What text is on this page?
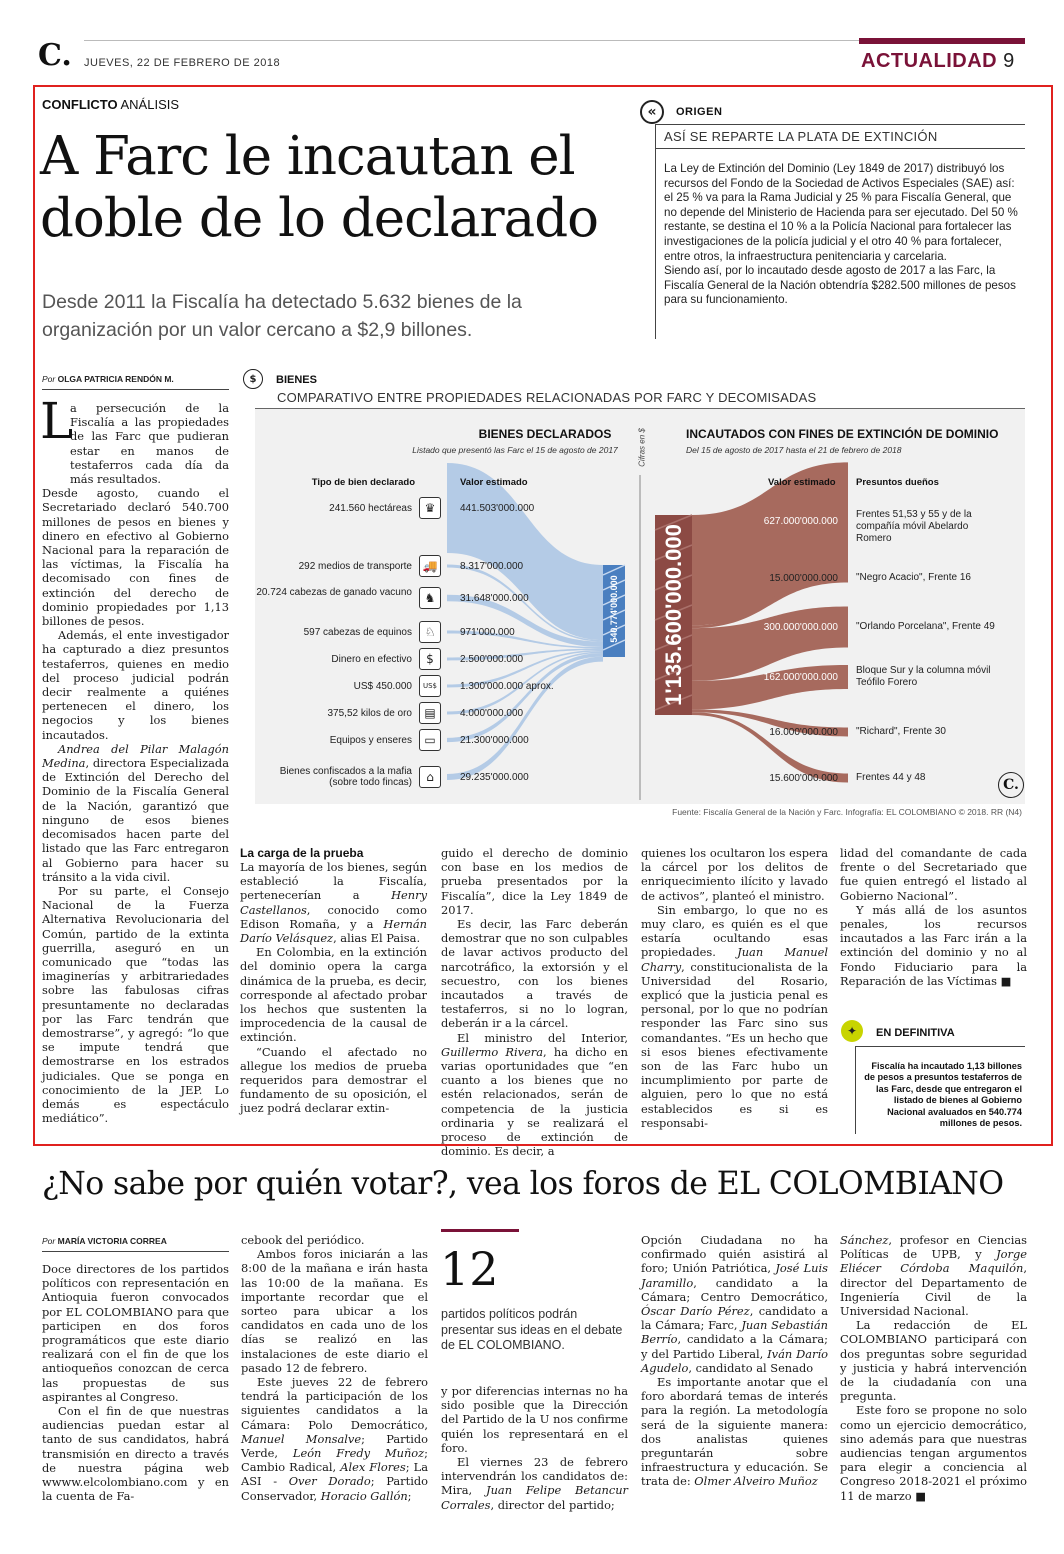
C. JUEVES, 22 DE FEBRERO DE 2018	ACTUALIDAD 9
CONFLICTO ANÁLISIS
A Farc le incautan el
doble de lo declarado
Desde 2011 la Fiscalía ha detectado 5.632 bienes de la organización por un valor cercano a $2,9 billones.
«	ORIGEN
ASÍ SE REPARTE LA PLATA DE EXTINCIÓN
La Ley de Extinción del Dominio (Ley 1849 de 2017) distribuyó los recursos del Fondo de la Sociedad de Activos Especiales (SAE) así: el 25 % va para la Rama Judicial y 25 % para Fiscalía General, que no depende del Ministerio de Hacienda para ser ejecutado. Del 50 % restante, se destina el 10 % a la Policía Nacional para fortalecer las investigaciones de la policía judicial y el otro 40 % para fortalecer, entre otros, la infraestructura penitenciaria y carcelaria.
Siendo así, por lo incautado desde agosto de 2017 a las Farc, la Fiscalía General de la Nación obtendría $282.500 millones de pesos para su funcionamiento.
Por OLGA PATRICIA RENDÓN M.
L

a persecución de la Fiscalía a las propiedades de las Farc que pudieran estar en manos de testaferros cada día da más resultados.

Desde agosto, cuando el Secretariado declaró 540.700 millones de pesos en bienes y dinero en efectivo al Gobierno Nacional para la reparación de las víctimas, la Fiscalía ha decomisado con fines de extinción del derecho de dominio propiedades por 1,13 billones de pesos.

Además, el ente investigador ha capturado a diez presuntos testaferros, quienes en medio del proceso judicial podrán decir realmente a quiénes pertenecen el dinero, los negocios y los bienes incautados.

Andrea del Pilar Malagón Medina, directora Especializada de Extinción del Derecho del Dominio de la Fiscalía General de la Nación, garantizó que ninguno de esos bienes decomisados hacen parte del listado que las Farc entregaron al Gobierno para hacer su tránsito a la vida civil.

Por su parte, el Consejo Nacional de la Fuerza Alternativa Revolucionaria del Común, partido de la extinta guerrilla, aseguró en un comunicado que “todas las imaginerías y arbitrariedades sobre las fabulosas cifras presuntamente no declaradas por las Farc tendrán que demostrarse”, y agregó: “lo que se impute tendrá que demostrarse en los estrados judiciales. Que se ponga en conocimiento de la JEP. Lo demás es espectáculo mediático”.

$	BIENES
COMPARATIVO ENTRE PROPIEDADES RELACIONADAS POR FARC Y DECOMISADAS
540.774'000.000 1'135.600'000.000
Cifras en $
BIENES DECLARADOS
Listado que presentó las Farc el 15 de agosto de 2017
Tipo de bien declarado	Valor estimado
INCAUTADOS CON FINES DE EXTINCIÓN DE DOMINIO
Del 15 de agosto de 2017 hasta el 21 de febrero de 2018
Valor estimado Presuntos dueños
241.560 hectáreas	♛	441.503'000.000
292 medios de transporte 🚚	8.317'000.000
20.724 cabezas de ganado vacuno	♞	31.648'000.000
597 cabezas de equinos	♘	971'000.000
Dinero en efectivo	$	2.500'000.000
US$ 450.000	US$	1.300'000.000 aprox.
375,52 kilos de oro	▤	4.000'000.000
Equipos y enseres	▭	21.300'000.000
Bienes confiscados a la mafia (sobre todo fincas)	⌂	29.235'000.000
627.000'000.000
Frentes 51,53 y 55 y de la compañía móvil Abelardo Romero
15.000'000.000 "Negro Acacio", Frente 16
300.000'000.000 "Orlando Porcelana", Frente 49
162.000'000.000
Bloque Sur y la columna móvil Teófilo Forero
16.000'000.000 "Richard", Frente 30
15.600'000.000 Frentes 44 y 48	C.
Fuente: Fiscalía General de la Nación y Farc. Infografía: EL COLOMBIANO © 2018. RR (N4)
La carga de la prueba

La mayoría de los bienes, según estableció la Fiscalía, pertenecerían a Henry Castellanos, conocido como Edison Romaña, y a Hernán Darío Velásquez, alias El Paisa.

En Colombia, en la extinción del dominio opera la carga dinámica de la prueba, es decir, corresponde al afectado probar los hechos que sustenten la improcedencia de la causal de extinción.

“Cuando el afectado no allegue los medios de prueba requeridos para demostrar el fundamento de su oposición, el juez podrá declarar extin-

guido el derecho de dominio con base en los medios de prueba presentados por la Fiscalía”, dice la Ley 1849 de 2017.

Es decir, las Farc deberán demostrar que no son culpables de lavar activos producto del narcotráfico, la extorsión y el secuestro, con los bienes incautados a través de testaferros, si no lo logran, deberán ir a la cárcel.

El ministro del Interior, Guillermo Rivera, ha dicho en varias oportunidades que “en cuanto a los bienes que no estén relacionados, serán de competencia de la justicia ordinaria y se realizará el proceso de extinción de dominio. Es decir, a

quienes los ocultaron los espera la cárcel por los delitos de enriquecimiento ilícito y lavado de activos”, planteó el ministro.

Sin embargo, lo que no es muy claro, es quién es el que estaría ocultando esas propiedades. Juan Manuel Charry, constitucionalista de la Universidad del Rosario, explicó que la justicia penal es personal, por lo que no podrían responder las Farc sino sus comandantes. “Es un hecho que si esos bienes efectivamente son de las Farc hubo un incumplimiento por parte de alguien, pero lo que no está establecidos es si es responsabi-

lidad del comandante de cada frente o del Secretariado que fue quien entregó el listado al Gobierno Nacional”.

Y más allá de los asuntos penales, los recursos incautados a las Farc irán a la extinción del dominio y no al Fondo Fiduciario para la Reparación de las Víctimas ■

✦	EN DEFINITIVA
Fiscalía ha incautado 1,13 billones de pesos a presuntos testaferros de las Farc, desde que entregaron el listado de bienes al Gobierno Nacional avaluados en 540.774 millones de pesos.
¿No sabe por quién votar?, vea los foros de EL COLOMBIANO
Por MARÍA VICTORIA CORREA

Doce directores de los partidos políticos con representación en Antioquia fueron convocados por EL COLOMBIANO para que participen en dos foros programáticos que este diario realizará con el fin de que los antioqueños conozcan de cerca las propuestas de sus aspirantes al Congreso.

Con el fin de que nuestras audiencias puedan estar al tanto de sus candidatos, habrá transmisión en directo a través de nuestra página web wwww.elcolombiano.com y en la cuenta de Fa-

cebook del periódico.

Ambos foros iniciarán a las 8:00 de la mañana e irán hasta las 10:00 de la mañana. Es importante recordar que el sorteo para ubicar a los candidatos en cada uno de los días se realizó en las instalaciones de este diario el pasado 12 de febrero.

Este jueves 22 de febrero tendrá la participación de los siguientes candidatos a la Cámara: Polo Democrático, Manuel Monsalve; Partido Verde, León Fredy Muñoz; Cambio Radical, Alex Flores; La ASI - Over Dorado; Partido Conservador, Horacio Gallón;

12
partidos políticos podrán presentar sus ideas en el debate de EL COLOMBIANO.

y por diferencias internas no ha sido posible que la Dirección del Partido de la U nos confirme quién los representará en el foro.

El viernes 23 de febrero intervendrán los candidatos de: Mira, Juan Felipe Betancur Corrales, director del partido;

Opción Ciudadana no ha confirmado quién asistirá al foro; Unión Patriótica, José Luis Jaramillo, candidato a la Cámara; Centro Democrático, Óscar Darío Pérez, candidato a la Cámara; Farc, Juan Sebastián Berrío, candidato a la Cámara; y del Partido Liberal, Iván Darío Agudelo, candidato al Senado

Es importante anotar que el foro abordará temas de interés para la región. La metodología será de la siguiente manera: dos analistas quienes preguntarán sobre infraestructura y educación. Se trata de: Olmer Alveiro Muñoz

Sánchez, profesor en Ciencias Políticas de UPB, y Jorge Eliécer Córdoba Maquilón, director del Departamento de Ingeniería Civil de la Universidad Nacional.

La redacción de EL COLOMBIANO participará con dos preguntas sobre seguridad y justicia y habrá intervención de la ciudadanía con una pregunta.

Este foro se propone no solo como un ejercicio democrático, sino además para que nuestras audiencias tengan argumentos para elegir a conciencia al Congreso 2018-2021 el próximo 11 de marzo ■
